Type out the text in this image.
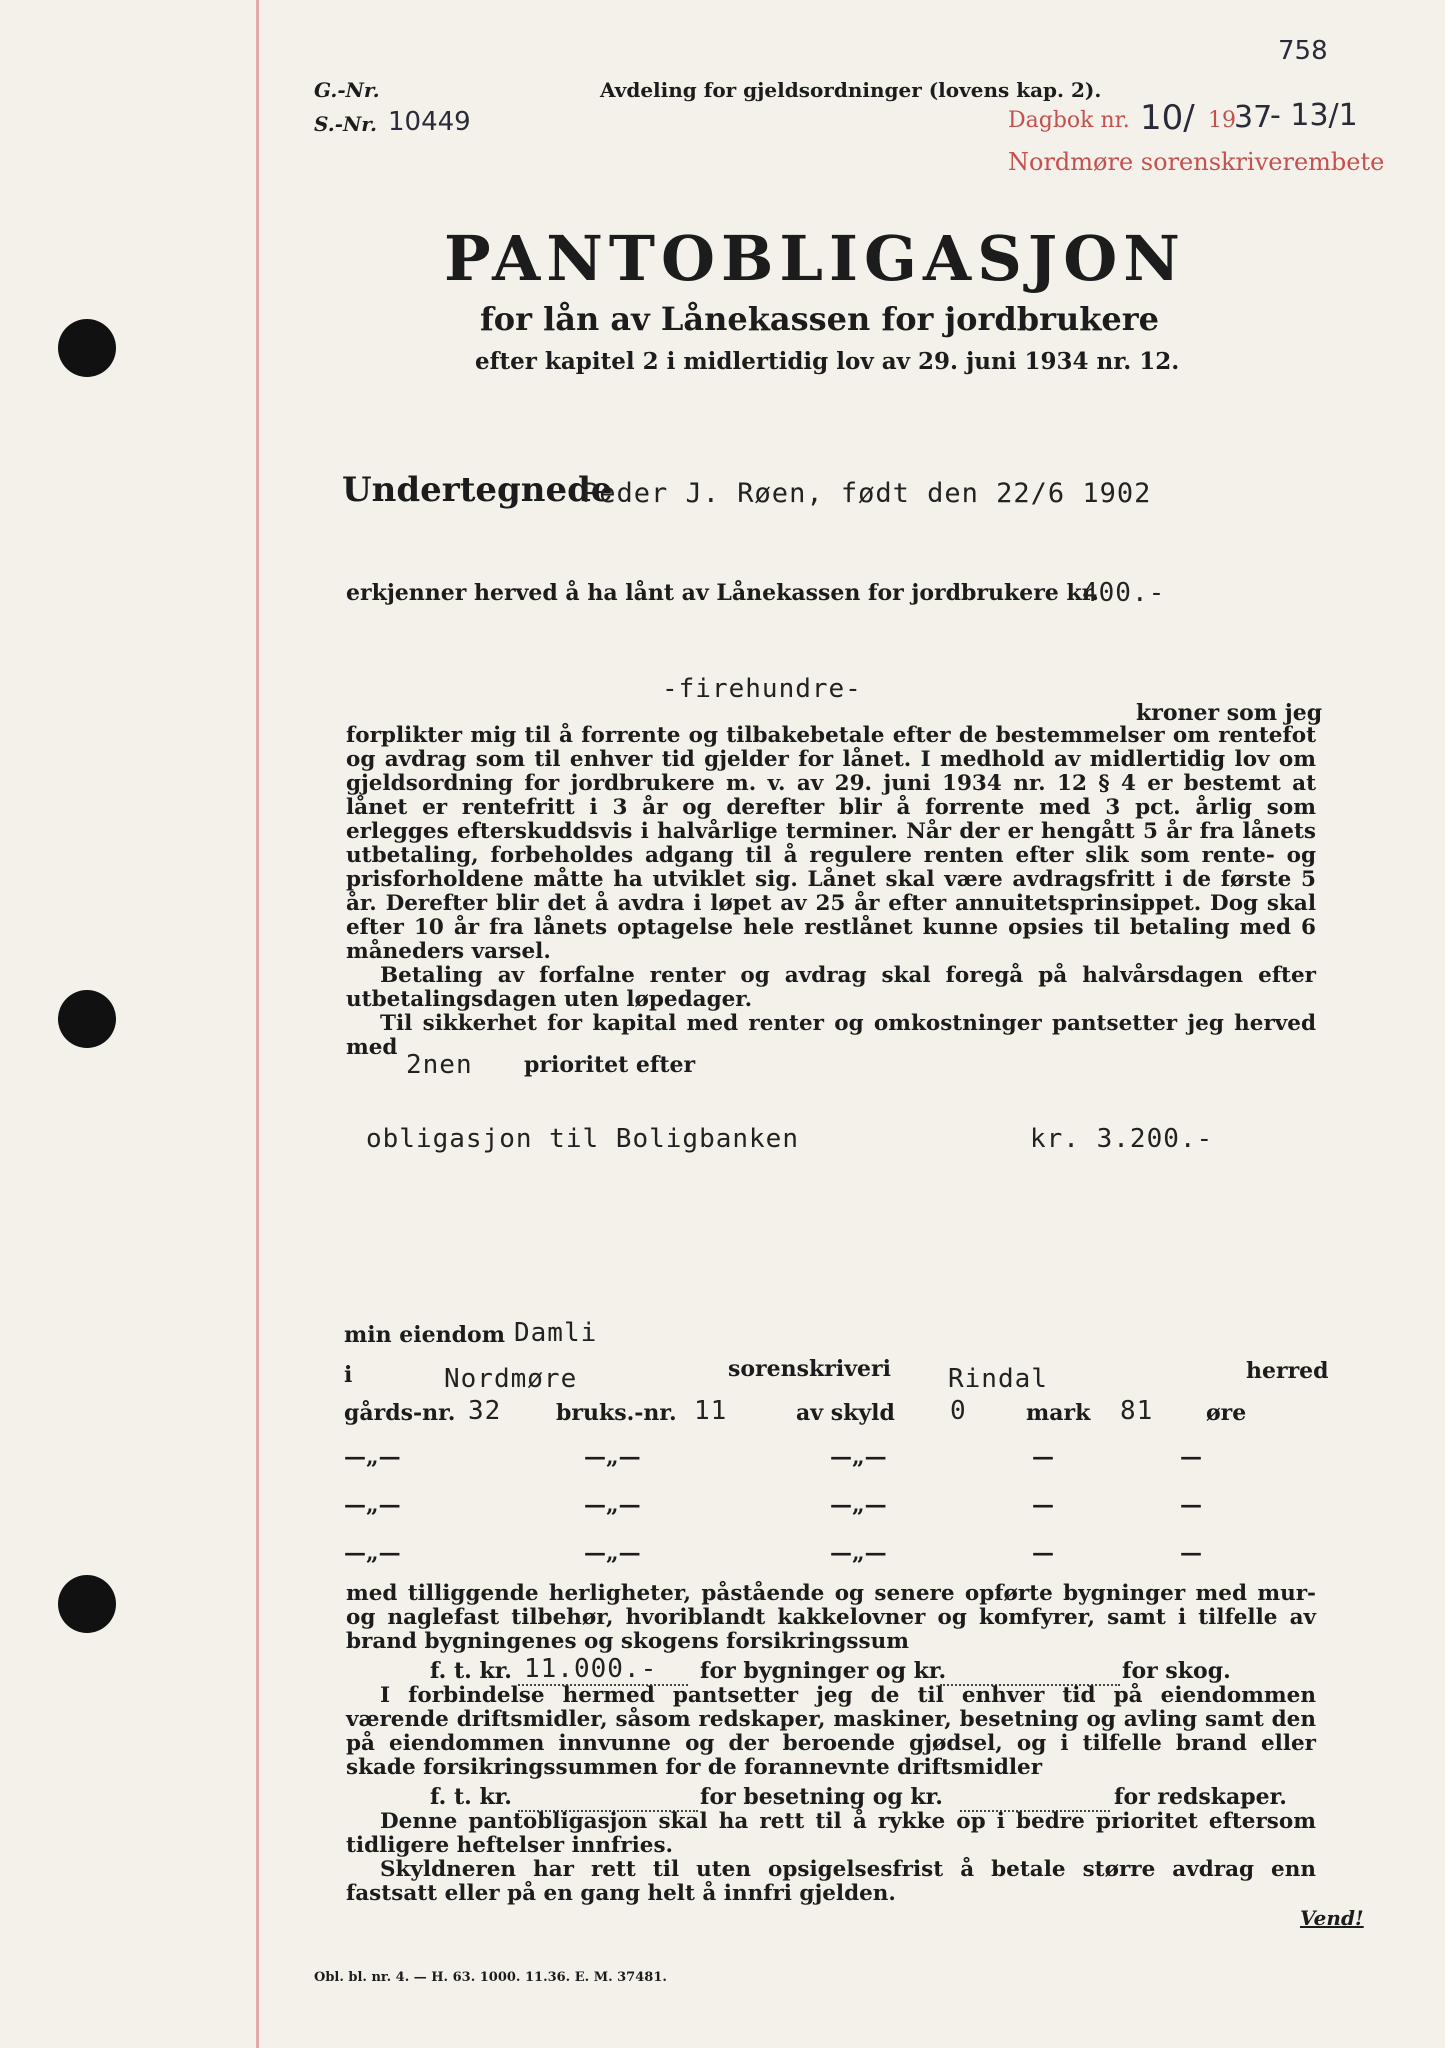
758
G.-Nr.
S.-Nr. 10449
Avdeling for gjeldsordninger (lovens kap. 2).
Dagbok nr. 10/ 19
37
- 13/1
Nordmøre sorenskriverembete
PANTOBLIGASJON
for lån av Lånekassen for jordbrukere
efter kapitel 2 i midlertidig lov av 29. juni 1934 nr. 12.
Undertegnede
Peder J. Røen, født den 22/6 1902
erkjenner herved å ha lånt av Lånekassen for jordbrukere kr.
400.-
-firehundre-
kroner som jeg

forplikter mig til å forrente og tilbakebetale efter de bestemmelser om rentefot og avdrag som til enhver tid gjelder for lånet. I medhold av midlertidig lov om gjeldsordning for jordbrukere m. v. av 29. juni 1934 nr. 12 § 4 er bestemt at lånet er rentefritt i 3 år og derefter blir å forrente med 3 pct. årlig som erlegges efterskuddsvis i halvårlige terminer. Når der er hengått 5 år fra lånets utbetaling, forbeholdes adgang til å regulere renten efter slik som rente- og prisforholdene måtte ha utviklet sig. Lånet skal være avdragsfritt i de første 5 år. Derefter blir det å avdra i løpet av 25 år efter annuitetsprinsippet. Dog skal efter 10 år fra lånets optagelse hele restlånet kunne opsies til betaling med 6 måneders varsel.

Betaling av forfalne renter og avdrag skal foregå på halvårsdagen efter utbetalingsdagen uten løpedager.

Til sikkerhet for kapital med renter og omkostninger pantsetter jeg herved med

2nen prioritet efter
obligasjon til Boligbanken	kr. 3.200.-
min eiendom Damli
i	Nordmøre	sorenskriveri Rindal	herred
gårds-nr. 32 bruks.-nr. 11	av skyld 0	mark 81 øre
—„—	—„—	—„—	—	—
—„—	—„—	—„—	—	—
—„—	—„—	—„—	—	—

med tilliggende herligheter, påstående og senere opførte bygninger med mur- og naglefast tilbehør, hvoriblandt kakkelovner og komfyrer, samt i tilfelle av brand bygningenes og skogens forsikringssum

f. t. kr. 11.000.- for bygninger og kr.	for skog.

I forbindelse hermed pantsetter jeg de til enhver tid på eiendommen værende driftsmidler, såsom redskaper, maskiner, besetning og avling samt den på eiendommen innvunne og der beroende gjødsel, og i tilfelle brand eller skade forsikringssummen for de forannevnte driftsmidler

f. t. kr.	for besetning og kr.	for redskaper.

Denne pantobligasjon skal ha rett til å rykke op i bedre prioritet eftersom tidligere heftelser innfries.

Skyldneren har rett til uten opsigelsesfrist å betale større avdrag enn fastsatt eller på en gang helt å innfri gjelden.

Obl. bl. nr. 4. — H. 63. 1000. 11.36. E. M. 37481.
Vend!
